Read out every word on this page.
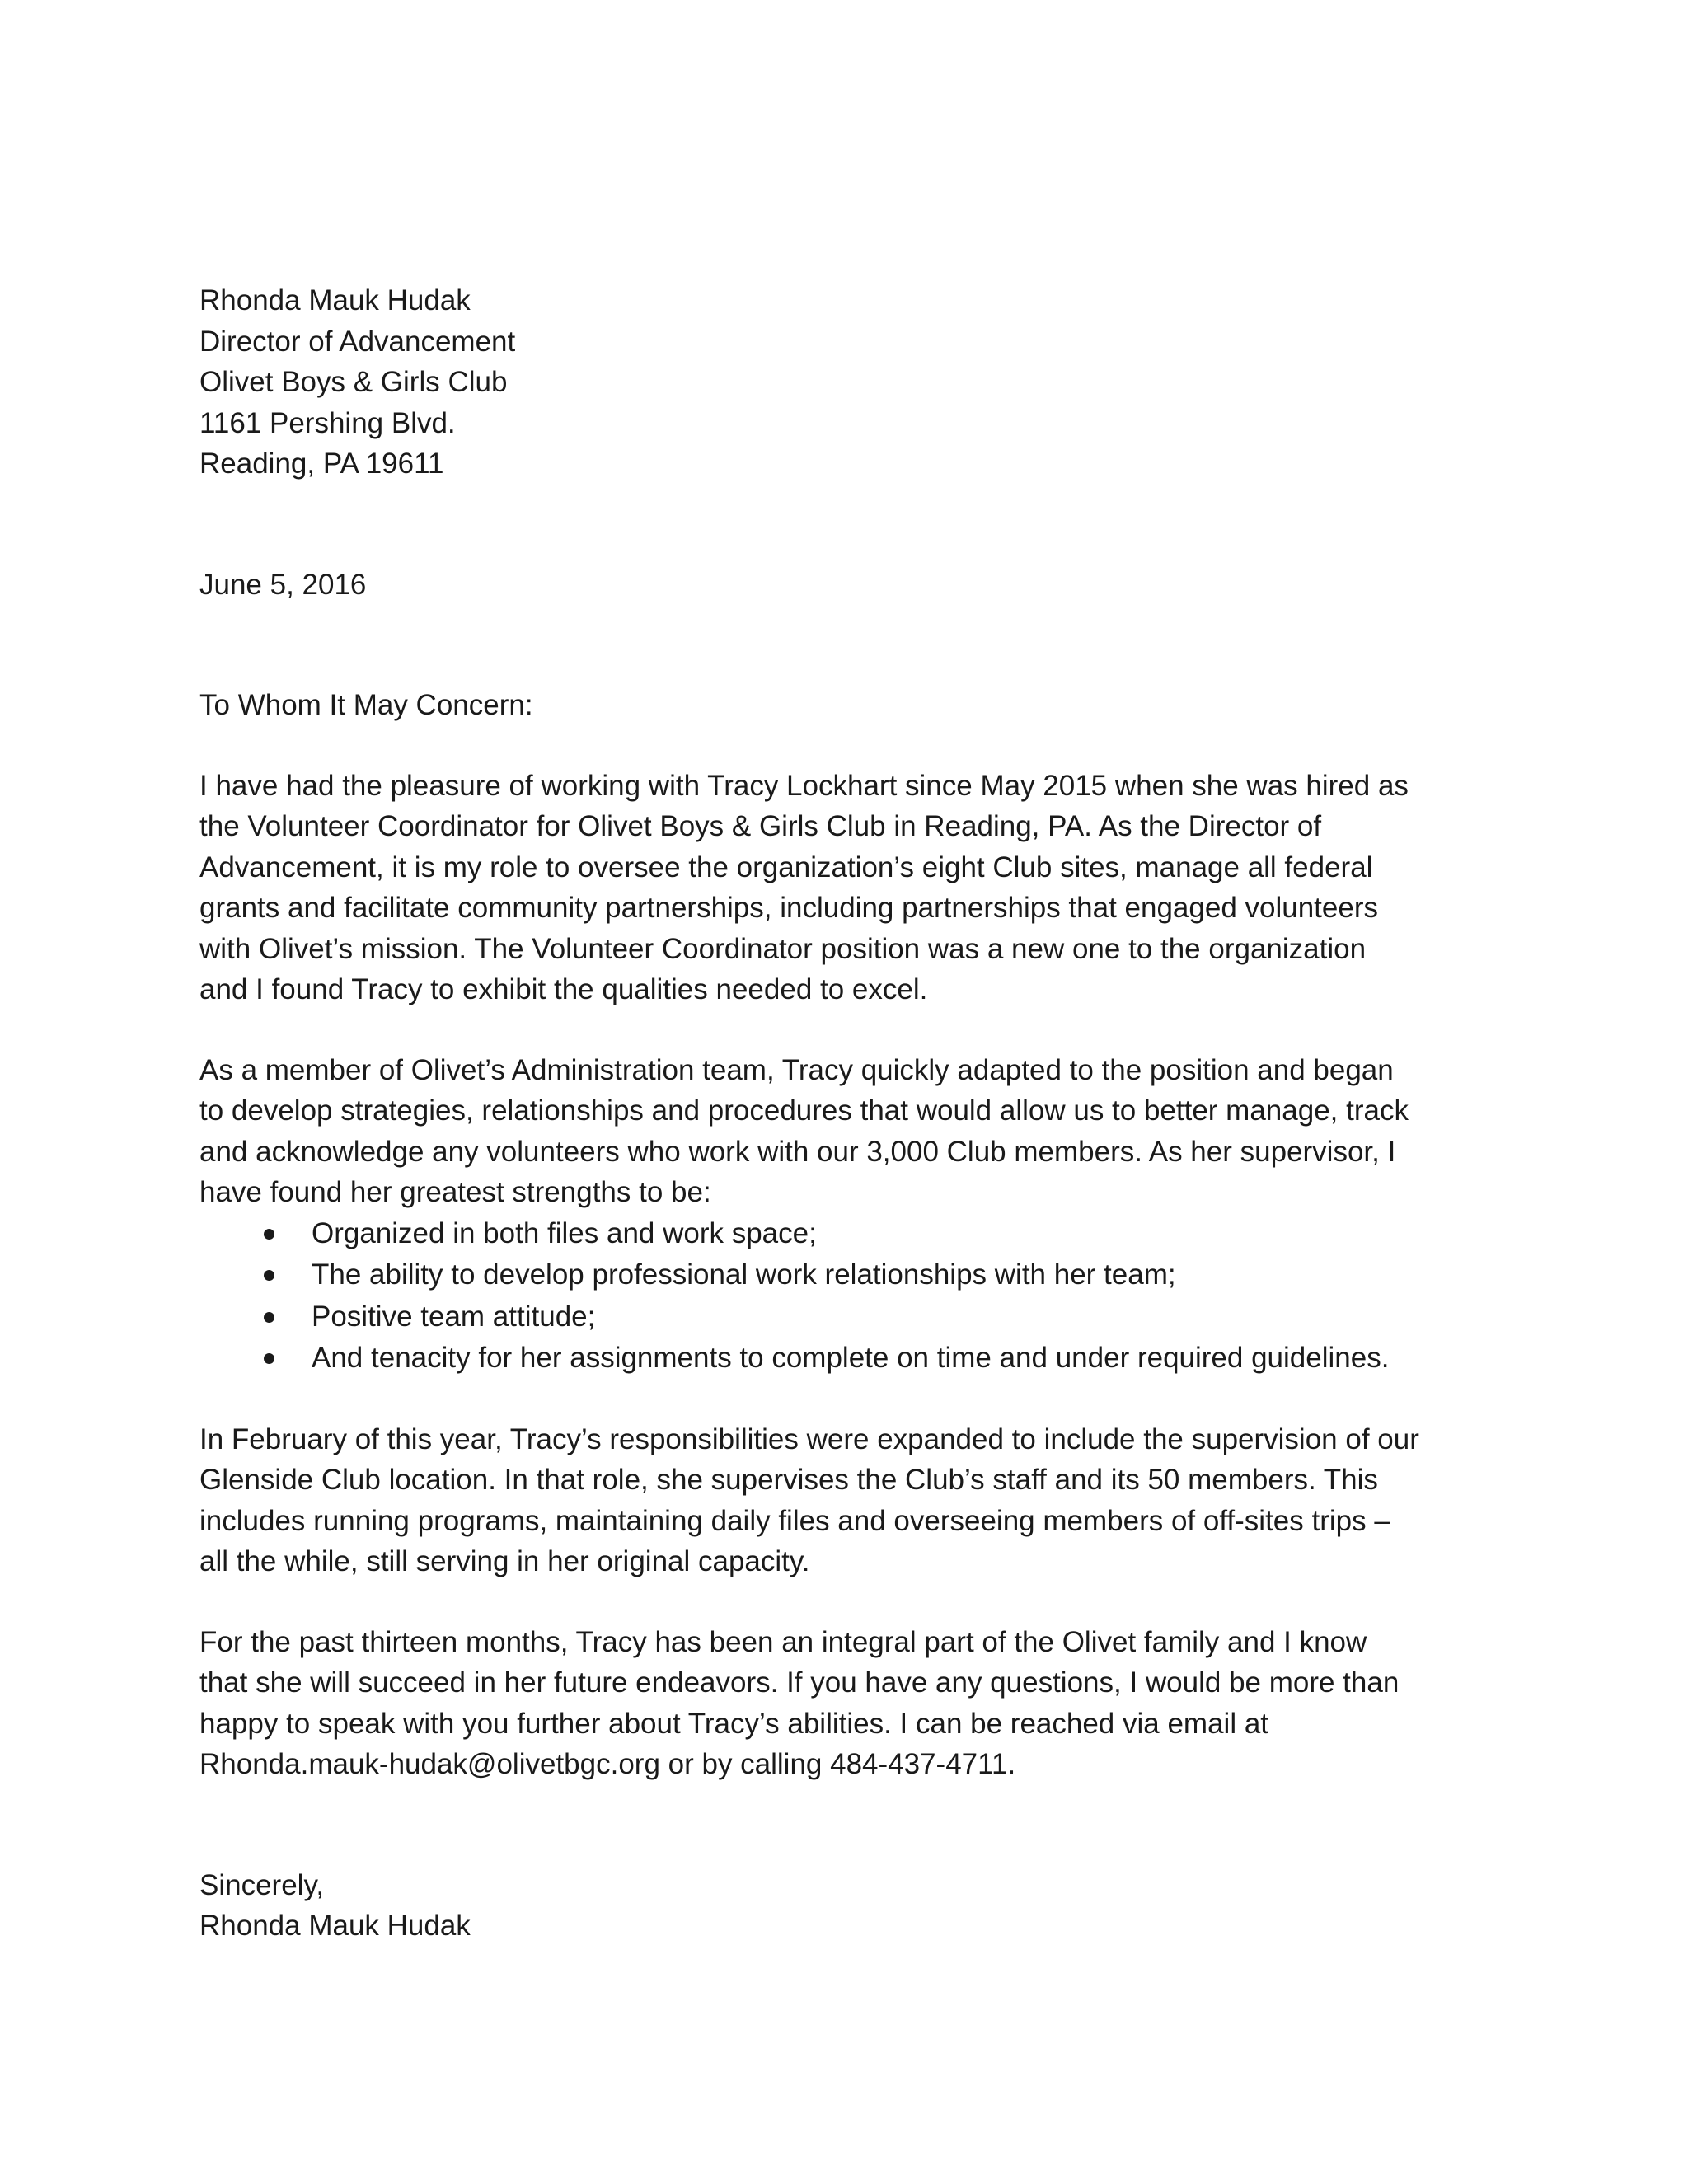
Rhonda Mauk Hudak
Director of Advancement
Olivet Boys & Girls Club
1161 Pershing Blvd.
Reading, PA 19611
June 5, 2016
To Whom It May Concern:

I have had the pleasure of working with Tracy Lockhart since May 2015 when she was hired as
the Volunteer Coordinator for Olivet Boys & Girls Club in Reading, PA. As the Director of
Advancement, it is my role to oversee the organization’s eight Club sites, manage all federal
grants and facilitate community partnerships, including partnerships that engaged volunteers
with Olivet’s mission. The Volunteer Coordinator position was a new one to the organization
and I found Tracy to exhibit the qualities needed to excel.

As a member of Olivet’s Administration team, Tracy quickly adapted to the position and began
to develop strategies, relationships and procedures that would allow us to better manage, track
and acknowledge any volunteers who work with our 3,000 Club members. As her supervisor, I
have found her greatest strengths to be:

Organized in both files and work space;
The ability to develop professional work relationships with her team;
Positive team attitude;
And tenacity for her assignments to complete on time and under required guidelines.

In February of this year, Tracy’s responsibilities were expanded to include the supervision of our
Glenside Club location. In that role, she supervises the Club’s staff and its 50 members. This
includes running programs, maintaining daily files and overseeing members of off-sites trips –
all the while, still serving in her original capacity.

For the past thirteen months, Tracy has been an integral part of the Olivet family and I know
that she will succeed in her future endeavors. If you have any questions, I would be more than
happy to speak with you further about Tracy’s abilities. I can be reached via email at
Rhonda.mauk-hudak@olivetbgc.org or by calling 484-437-4711.

Sincerely,
Rhonda Mauk Hudak
